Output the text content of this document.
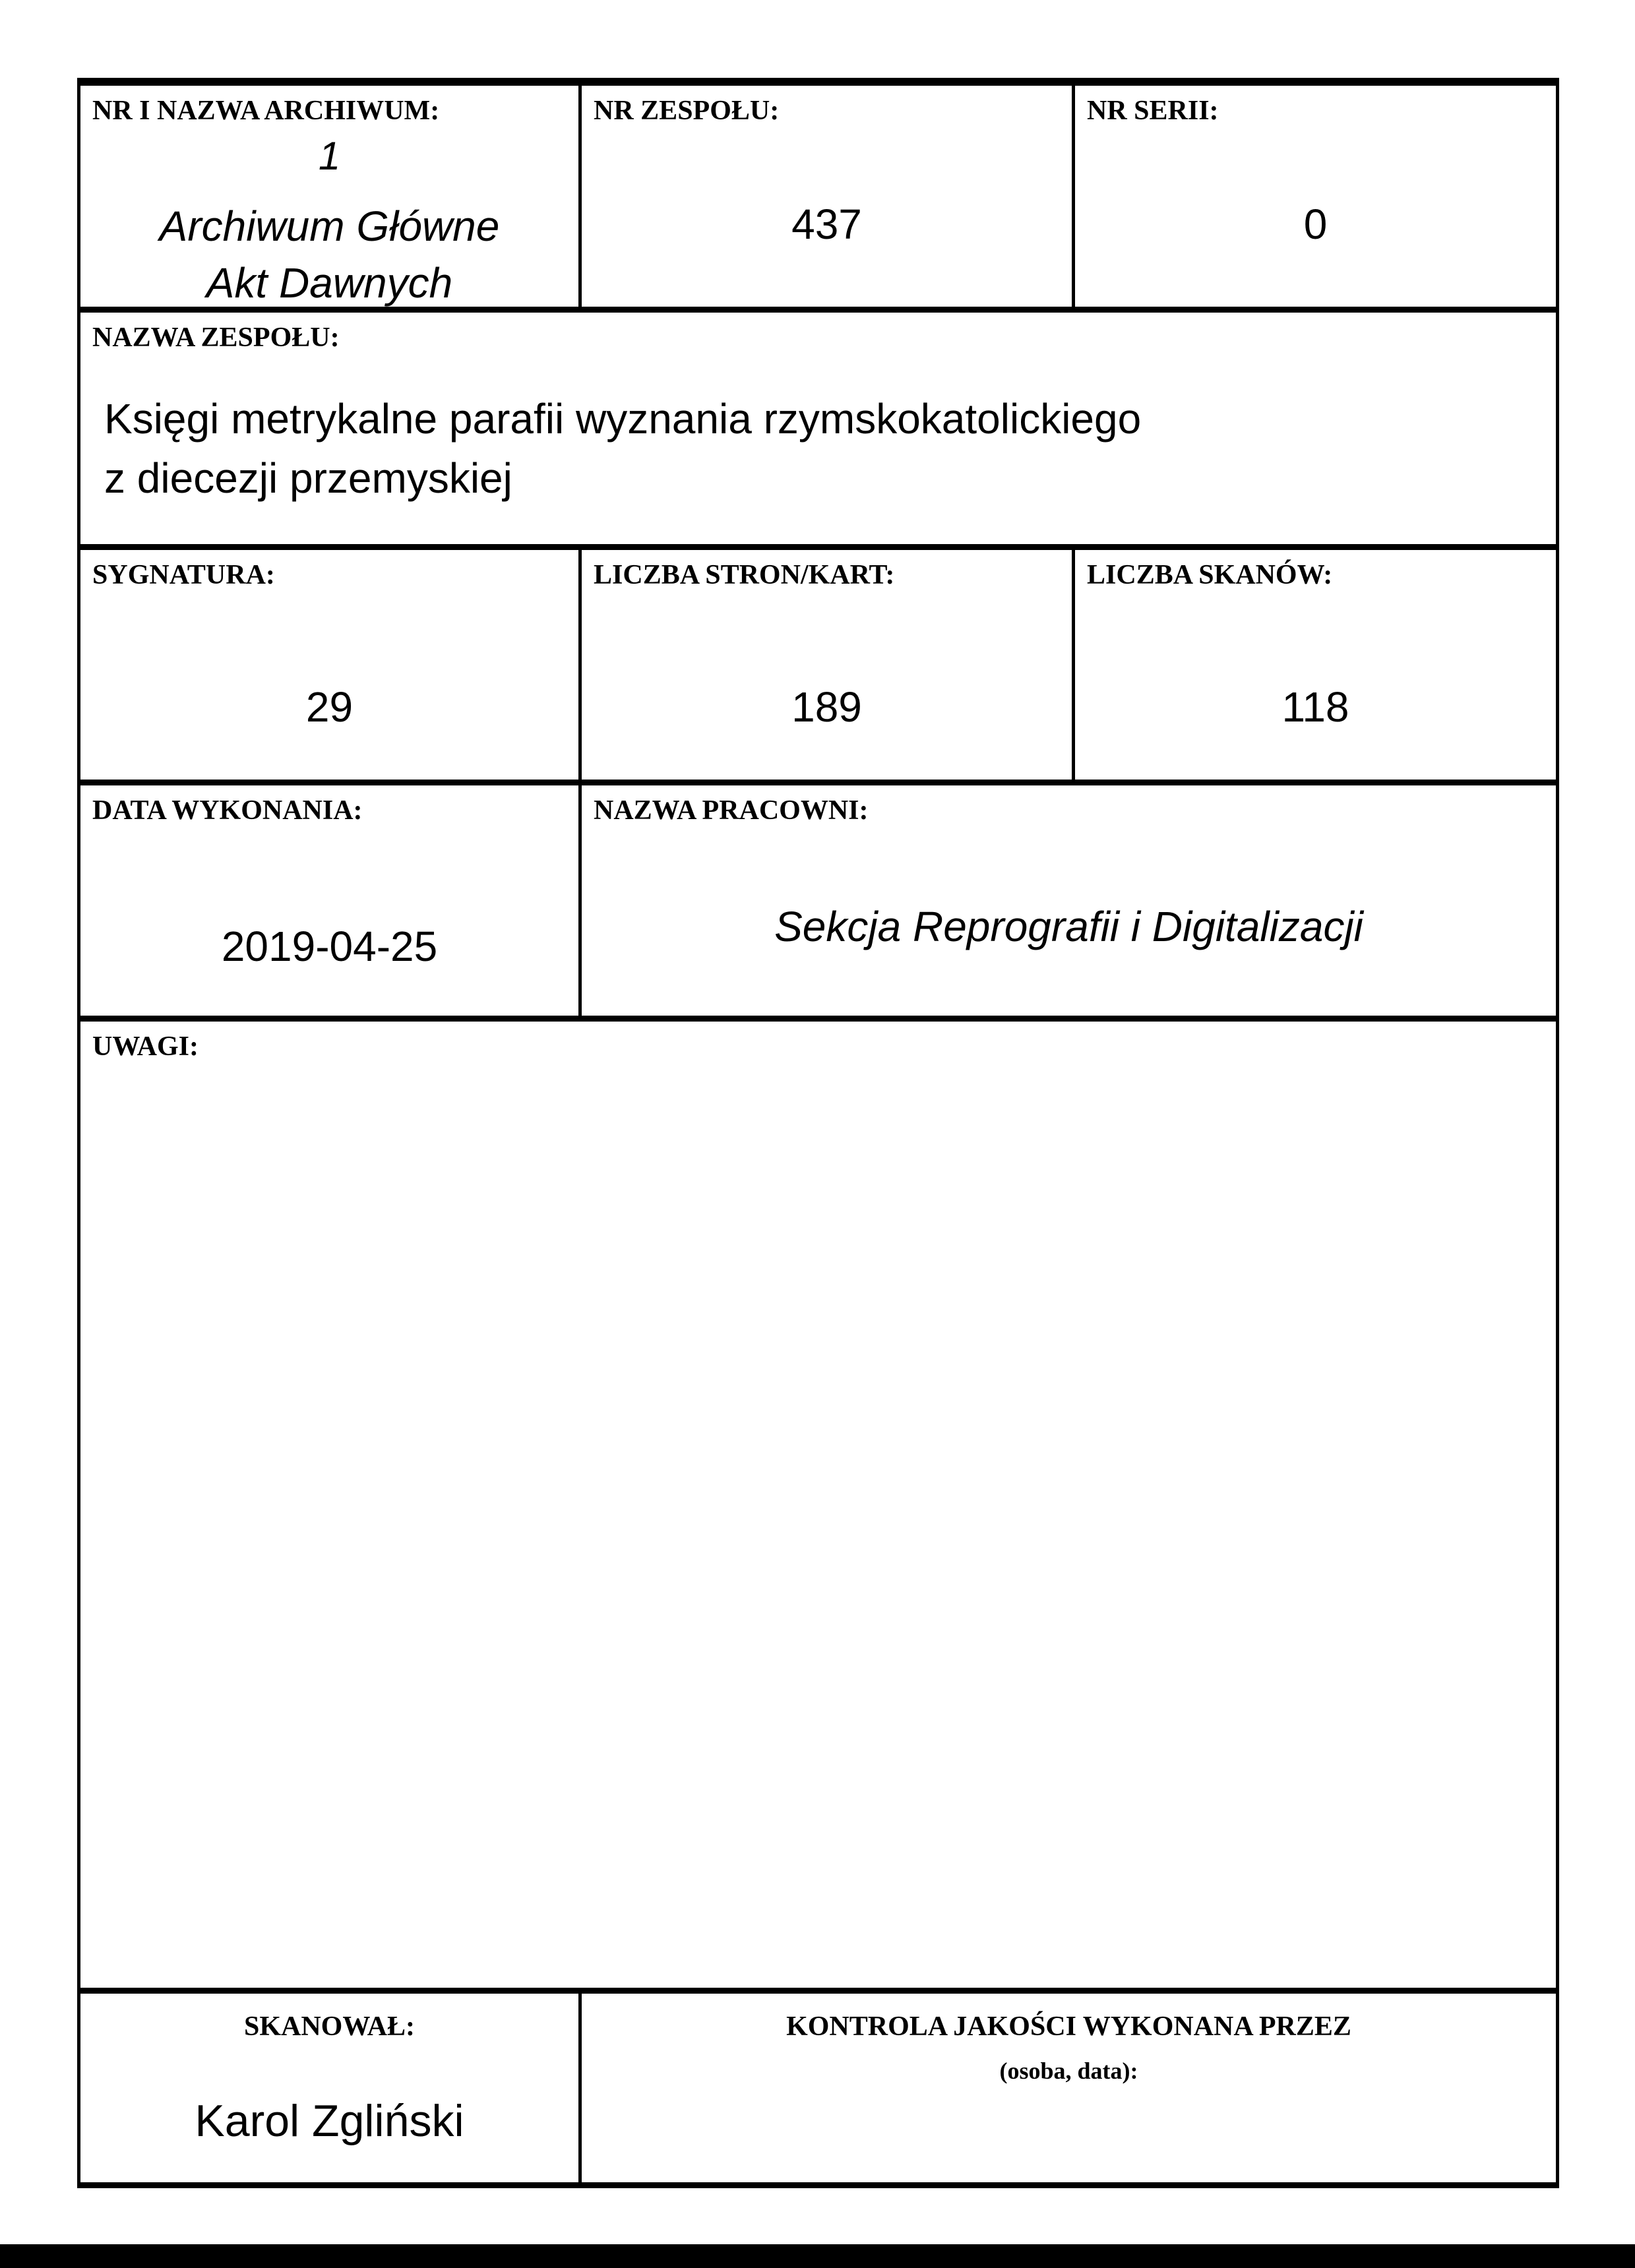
NR I NAZWA ARCHIWUM:
1
Archiwum Główne
Akt Dawnych
NR ZESPOŁU:
437
NR SERII:
0
NAZWA ZESPOŁU:
Księgi metrykalne parafii wyznania rzymskokatolickiego
z diecezji przemyskiej
SYGNATURA:
29
LICZBA STRON/KART:
189
LICZBA SKANÓW:
118
DATA WYKONANIA:
2019-04-25
NAZWA PRACOWNI:
Sekcja Reprografii i Digitalizacji
UWAGI:
SKANOWAŁ:
Karol Zgliński
KONTROLA JAKOŚCI WYKONANA PRZEZ
(osoba, data):
